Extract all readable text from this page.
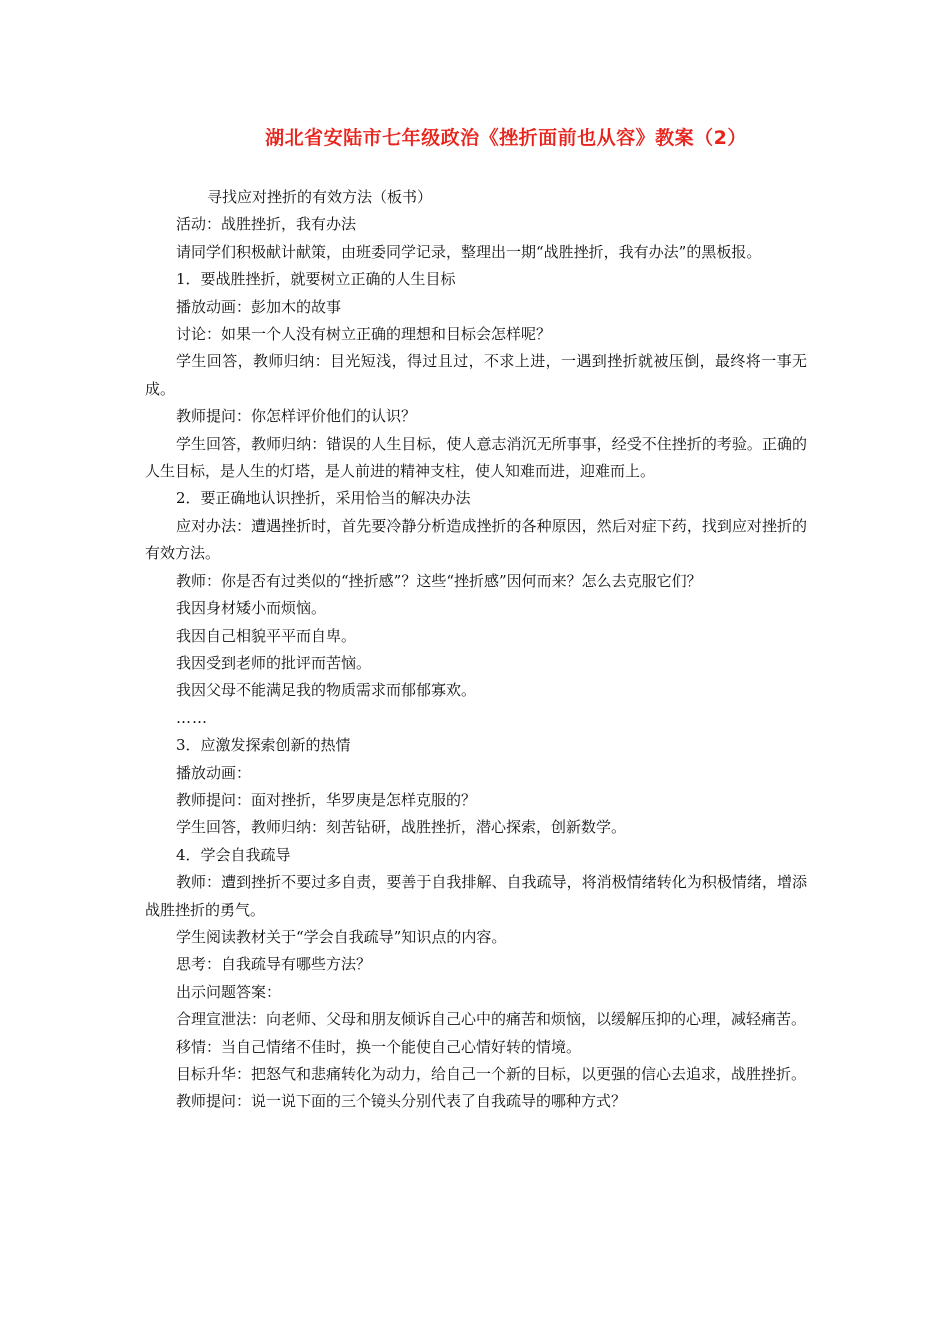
湖北省安陆市七年级政治《挫折面前也从容》教案（2）

寻找应对挫折的有效方法（板书）

活动：战胜挫折，我有办法

请同学们积极献计献策，由班委同学记录，整理出一期“战胜挫折，我有办法”的黑板报。

1．要战胜挫折，就要树立正确的人生目标

播放动画：彭加木的故事

讨论：如果一个人没有树立正确的理想和目标会怎样呢？

学生回答，教师归纳：目光短浅，得过且过，不求上进，一遇到挫折就被压倒，最终将一事无成。

教师提问：你怎样评价他们的认识？

学生回答，教师归纳：错误的人生目标，使人意志消沉无所事事，经受不住挫折的考验。正确的人生目标，是人生的灯塔，是人前进的精神支柱，使人知难而进，迎难而上。

2．要正确地认识挫折，采用恰当的解决办法

应对办法：遭遇挫折时，首先要冷静分析造成挫折的各种原因，然后对症下药，找到应对挫折的有效方法。

教师：你是否有过类似的“挫折感”？这些“挫折感”因何而来？怎么去克服它们？

我因身材矮小而烦恼。

我因自己相貌平平而自卑。

我因受到老师的批评而苦恼。

我因父母不能满足我的物质需求而郁郁寡欢。

……

3．应激发探索创新的热情

播放动画：

教师提问：面对挫折，华罗庚是怎样克服的？

学生回答，教师归纳：刻苦钻研，战胜挫折，潜心探索，创新数学。

4．学会自我疏导

教师：遭到挫折不要过多自责，要善于自我排解、自我疏导，将消极情绪转化为积极情绪，增添战胜挫折的勇气。

学生阅读教材关于“学会自我疏导”知识点的内容。

思考：自我疏导有哪些方法？

出示问题答案：

合理宣泄法：向老师、父母和朋友倾诉自己心中的痛苦和烦恼，以缓解压抑的心理，减轻痛苦。

移情：当自己情绪不佳时，换一个能使自己心情好转的情境。

目标升华：把怒气和悲痛转化为动力，给自己一个新的目标，以更强的信心去追求，战胜挫折。

教师提问：说一说下面的三个镜头分别代表了自我疏导的哪种方式？
